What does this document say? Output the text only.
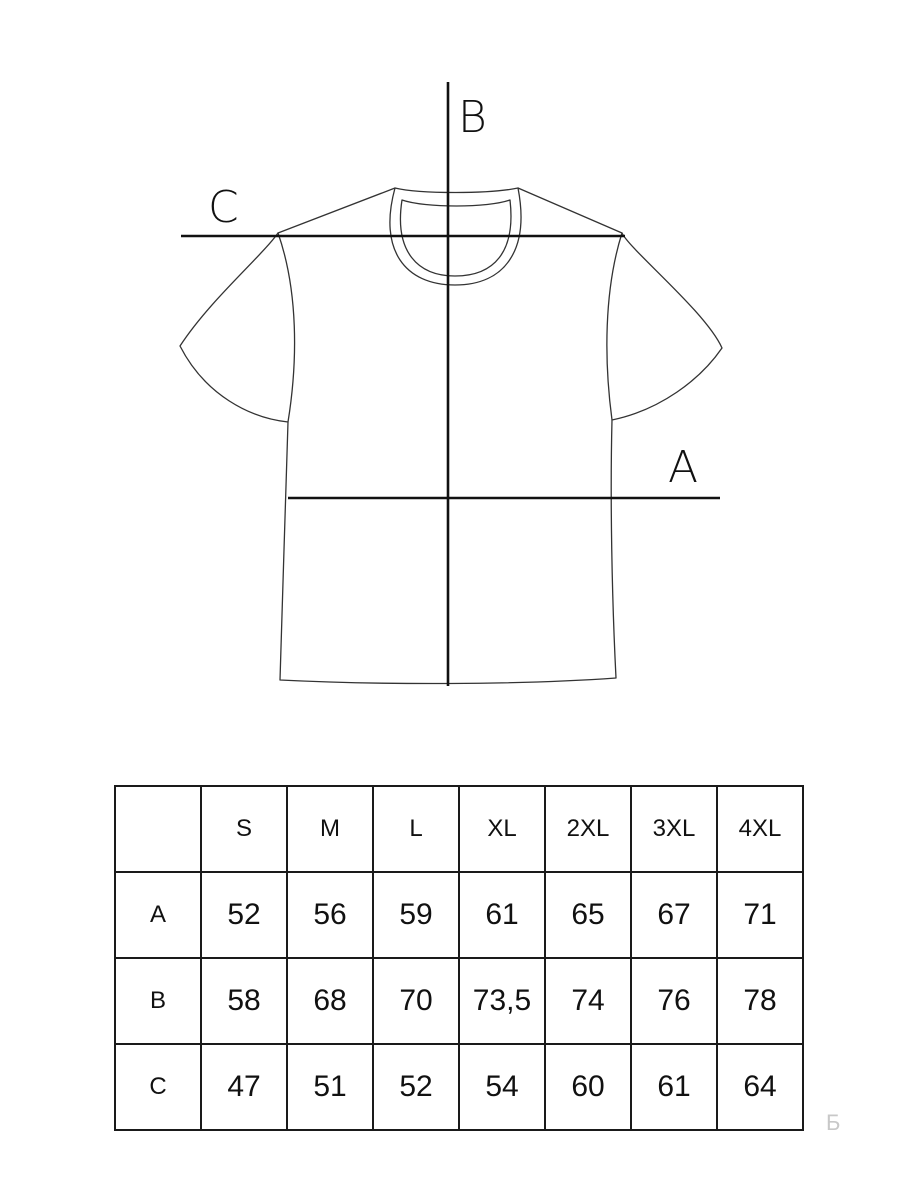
B
C
A
	S	M	L	XL	2XL	3XL	4XL
A	52	56	59	61	65	67	71
B	58	68	70	73,5	74	76	78
C	47	51	52	54	60	61	64
Б
